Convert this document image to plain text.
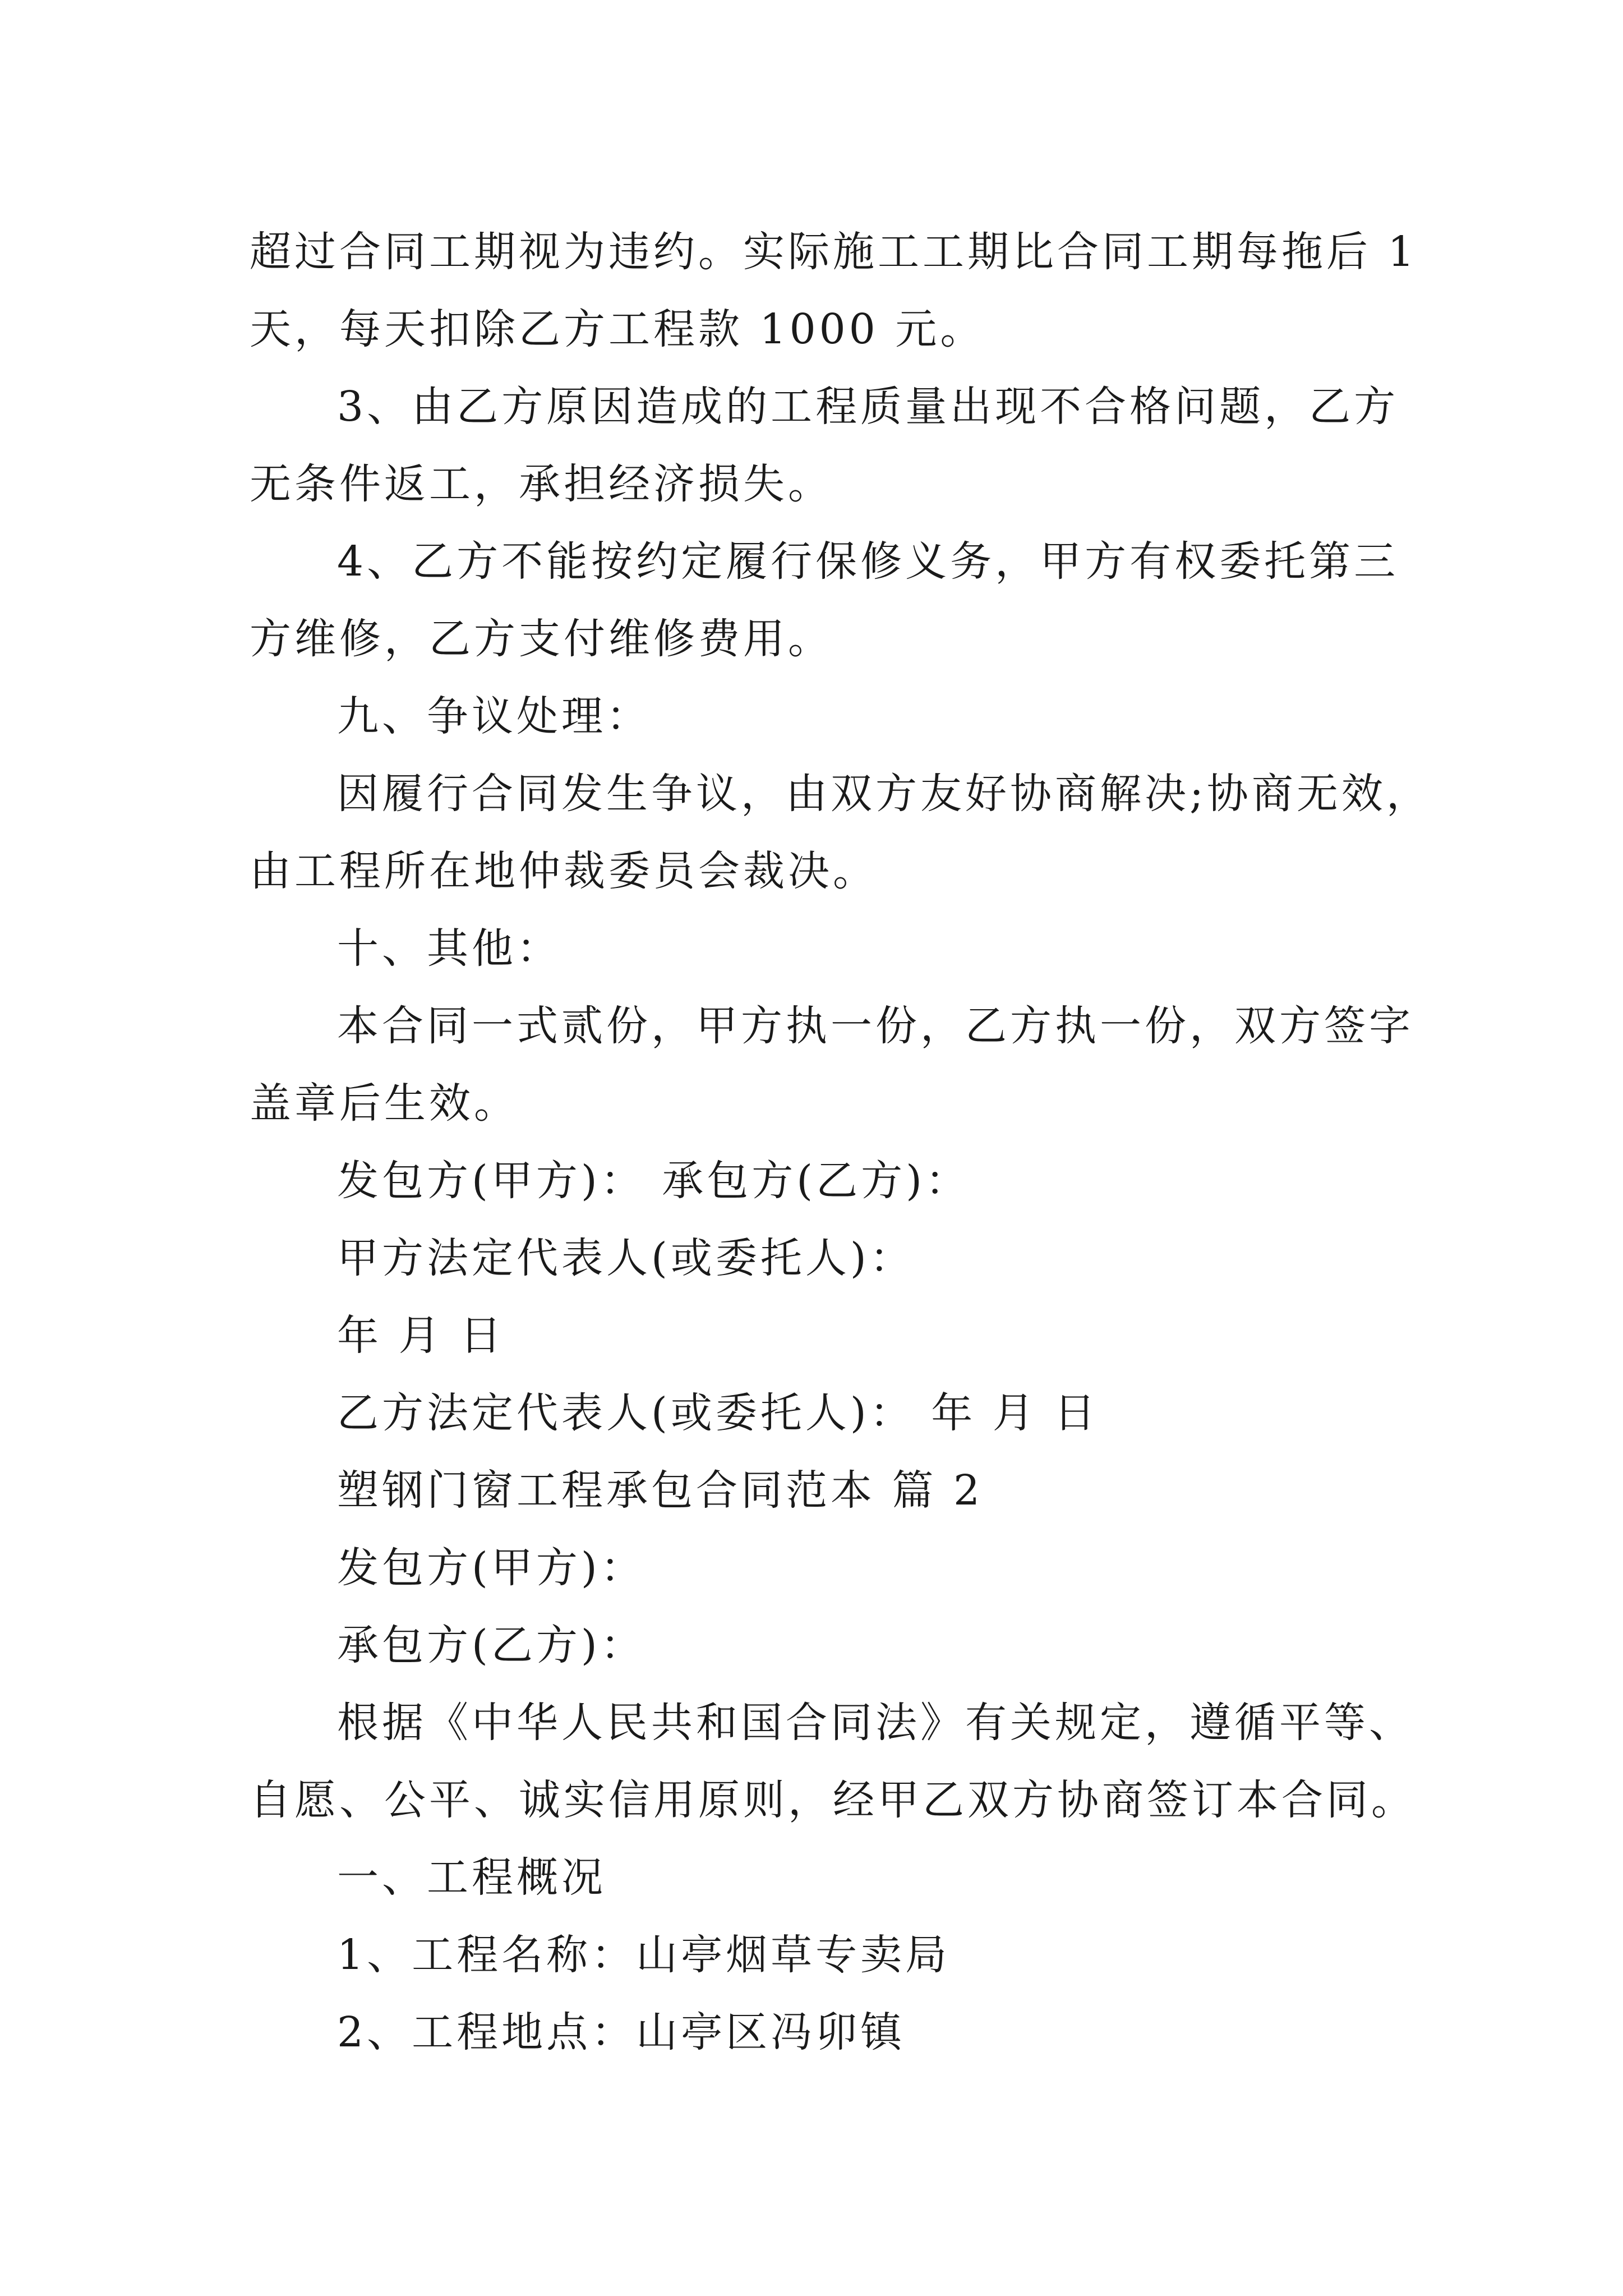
超过合同工期视为违约。实际施工工期比合同工期每拖后 1
天，每天扣除乙方工程款 1000 元。
3、由乙方原因造成的工程质量出现不合格问题，乙方
无条件返工，承担经济损失。
4、乙方不能按约定履行保修义务，甲方有权委托第三
方维修，乙方支付维修费用。
九、争议处理：
因履行合同发生争议，由双方友好协商解决;协商无效，
由工程所在地仲裁委员会裁决。
十、其他：
本合同一式贰份，甲方执一份，乙方执一份，双方签字
盖章后生效。
发包方(甲方)： 承包方(乙方)：
甲方法定代表人(或委托人)：
年 月 日
乙方法定代表人(或委托人)： 年 月 日
塑钢门窗工程承包合同范本 篇 2
发包方(甲方)：
承包方(乙方)：
根据《中华人民共和国合同法》有关规定，遵循平等、
自愿、公平、诚实信用原则，经甲乙双方协商签订本合同。
一、工程概况
1、工程名称：山亭烟草专卖局
2、工程地点：山亭区冯卯镇
